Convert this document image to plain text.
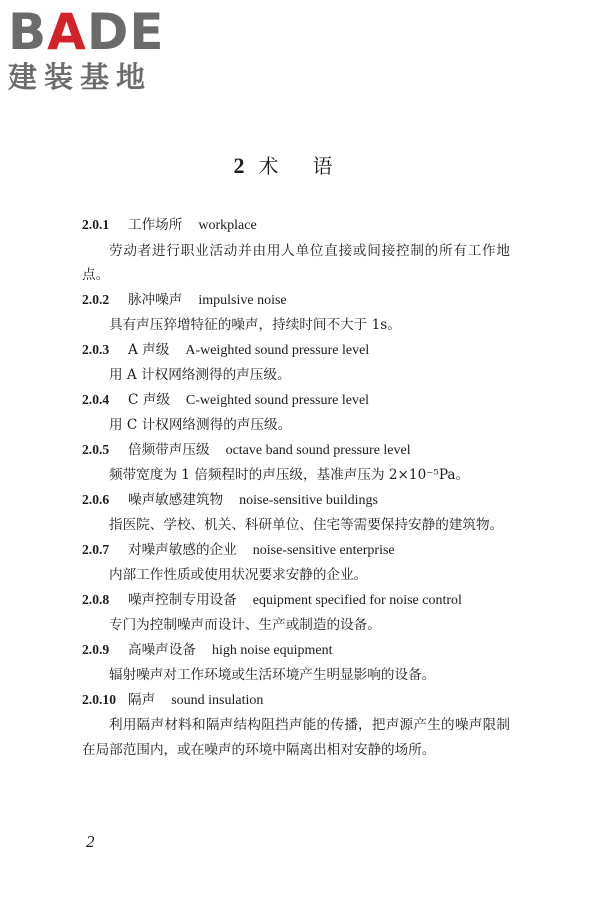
BADE
建装基地
2 术语
2.0.1 工作场所 workplace
劳动者进行职业活动并由用人单位直接或间接控制的所有工作地点。
2.0.2 脉冲噪声 impulsive noise
具有声压猝增特征的噪声，持续时间不大于 1s。
2.0.3 A 声级 A-weighted sound pressure level
用 A 计权网络测得的声压级。
2.0.4 C 声级 C-weighted sound pressure level
用 C 计权网络测得的声压级。
2.0.5 倍频带声压级 octave band sound pressure level
频带宽度为 1 倍频程时的声压级，基准声压为 2×10⁻⁵Pa。
2.0.6 噪声敏感建筑物 noise-sensitive buildings
指医院、学校、机关、科研单位、住宅等需要保持安静的建筑物。
2.0.7 对噪声敏感的企业 noise-sensitive enterprise
内部工作性质或使用状况要求安静的企业。
2.0.8 噪声控制专用设备 equipment specified for noise control
专门为控制噪声而设计、生产或制造的设备。
2.0.9 高噪声设备 high noise equipment
辐射噪声对工作环境或生活环境产生明显影响的设备。
2.0.10 隔声 sound insulation
利用隔声材料和隔声结构阻挡声能的传播，把声源产生的噪声限制在局部范围内，或在噪声的环境中隔离出相对安静的场所。
2
